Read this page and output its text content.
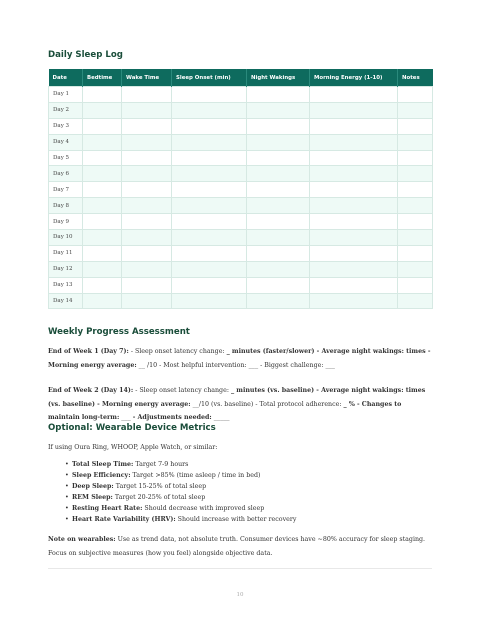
Daily Sleep Log
Date	Bedtime	Wake Time	Sleep Onset (min)	Night Wakings	Morning Energy (1-10)	Notes
Day 1						
Day 2						
Day 3						
Day 4						
Day 5						
Day 6						
Day 7						
Day 8						
Day 9						
Day 10						
Day 11						
Day 12						
Day 13						
Day 14						
Weekly Progress Assessment

End of Week 1 (Day 7): - Sleep onset latency change: _ minutes (faster/slower) - Average night wakings: times - Morning energy average: __ /10 - Most helpful intervention: ___ - Biggest challenge: ___

End of Week 2 (Day 14): - Sleep onset latency change: _ minutes (vs. baseline) - Average night wakings: times (vs. baseline) - Morning energy average: __/10 (vs. baseline) - Total protocol adherence: _ % - Changes to maintain long-term: ___ - Adjustments needed: _____

Optional: Wearable Device Metrics

If using Oura Ring, WHOOP, Apple Watch, or similar:

• Total Sleep Time: Target 7-9 hours
• Sleep Efficiency: Target >85% (time asleep / time in bed)
• Deep Sleep: Target 15-25% of total sleep
• REM Sleep: Target 20-25% of total sleep
• Resting Heart Rate: Should decrease with improved sleep
• Heart Rate Variability (HRV): Should increase with better recovery

Note on wearables: Use as trend data, not absolute truth. Consumer devices have ~80% accuracy for sleep staging. Focus on subjective measures (how you feel) alongside objective data.

10
